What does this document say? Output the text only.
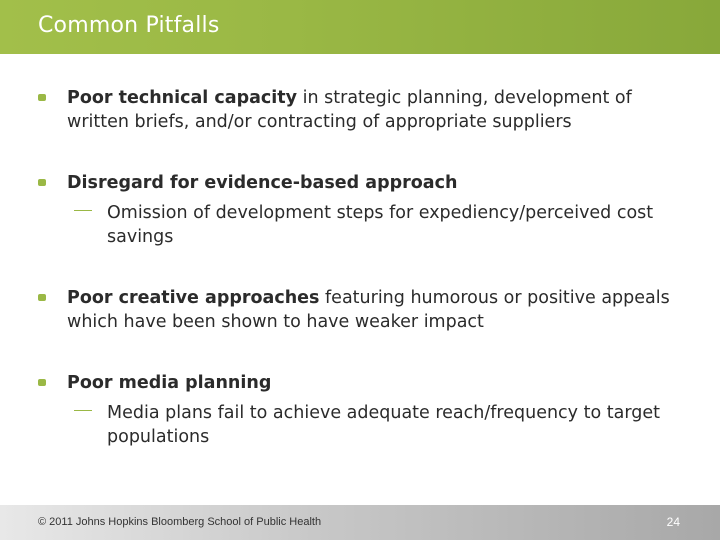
Common Pitfalls
Poor technical capacity in strategic planning, development of written briefs, and/or contracting of appropriate suppliers
Disregard for evidence-based approach
Omission of development steps for expediency/perceived cost savings
Poor creative approaches featuring humorous or positive appeals which have been shown to have weaker impact
Poor media planning
Media plans fail to achieve adequate reach/frequency to target populations
© 2011 Johns Hopkins Bloomberg School of Public Health	24
